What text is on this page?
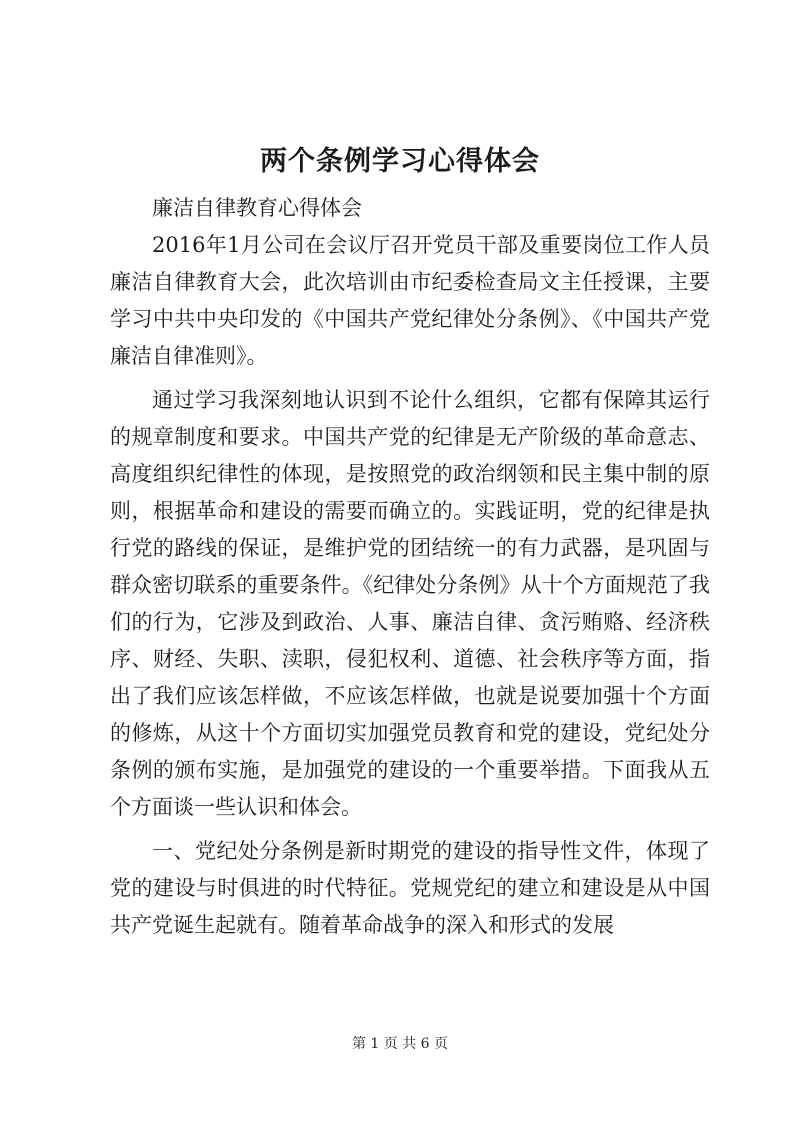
两个条例学习心得体会

廉洁自律教育心得体会

2016年1月公司在会议厅召开党员干部及重要岗位工作人员廉洁自律教育大会，此次培训由市纪委检查局文主任授课，主要学习中共中央印发的《中国共产党纪律处分条例》、《中国共产党廉洁自律准则》。

通过学习我深刻地认识到不论什么组织，它都有保障其运行的规章制度和要求。中国共产党的纪律是无产阶级的革命意志、高度组织纪律性的体现，是按照党的政治纲领和民主集中制的原则，根据革命和建设的需要而确立的。实践证明，党的纪律是执行党的路线的保证，是维护党的团结统一的有力武器，是巩固与群众密切联系的重要条件。《纪律处分条例》从十个方面规范了我们的行为，它涉及到政治、人事、廉洁自律、贪污贿赂、经济秩序、财经、失职、渎职，侵犯权利、道德、社会秩序等方面，指出了我们应该怎样做，不应该怎样做，也就是说要加强十个方面的修炼，从这十个方面切实加强党员教育和党的建设，党纪处分条例的颁布实施，是加强党的建设的一个重要举措。下面我从五个方面谈一些认识和体会。

一、党纪处分条例是新时期党的建设的指导性文件，体现了党的建设与时俱进的时代特征。党规党纪的建立和建设是从中国共产党诞生起就有。随着革命战争的深入和形式的发展

第 1 页 共 6 页
